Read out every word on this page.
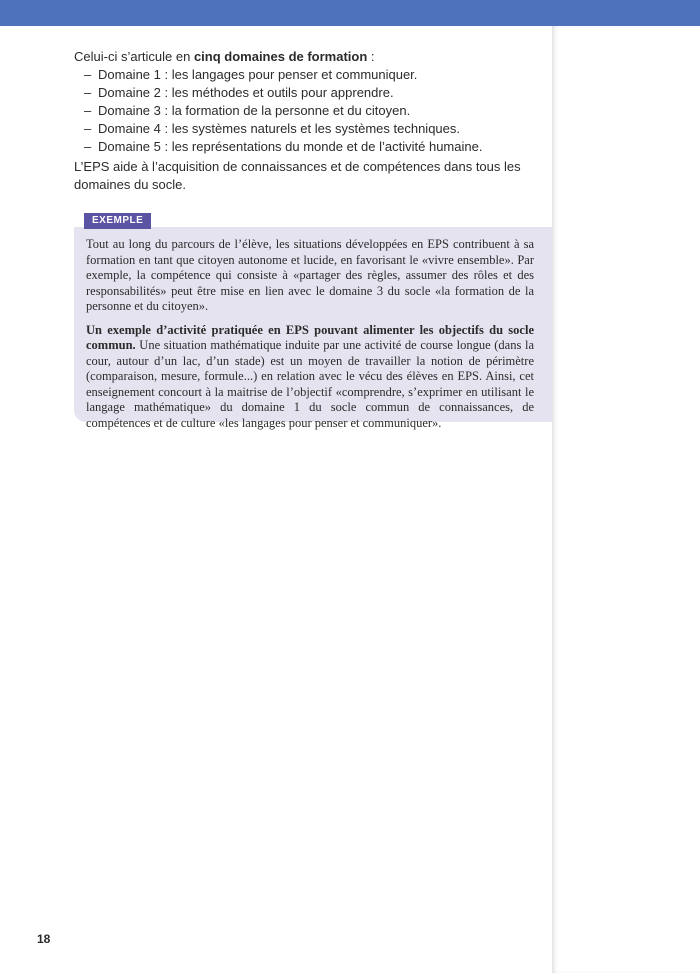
Celui-ci s’articule en cinq domaines de formation :

– Domaine 1 : les langages pour penser et communiquer.
– Domaine 2 : les méthodes et outils pour apprendre.
– Domaine 3 : la formation de la personne et du citoyen.
– Domaine 4 : les systèmes naturels et les systèmes techniques.
– Domaine 5 : les représentations du monde et de l’activité humaine.

L’EPS aide à l’acquisition de connaissances et de compétences dans tous les domaines du socle.

Tout au long du parcours de l’élève, les situations développées en EPS contribuent à sa formation en tant que citoyen autonome et lucide, en favorisant le «vivre ensemble». Par exemple, la compétence qui consiste à «partager des règles, assumer des rôles et des responsabilités» peut être mise en lien avec le domaine 3 du socle «la formation de la personne et du citoyen».

Un exemple d’activité pratiquée en EPS pouvant alimenter les objectifs du socle commun. Une situation mathématique induite par une activité de course longue (dans la cour, autour d’un lac, d’un stade) est un moyen de travailler la notion de périmètre (comparaison, mesure, formule...) en relation avec le vécu des élèves en EPS. Ainsi, cet enseignement concourt à la maitrise de l’objectif «comprendre, s’exprimer en utilisant le langage mathématique» du domaine 1 du socle commun de connaissances, de compétences et de culture «les langages pour penser et communiquer».

EXEMPLE
18
